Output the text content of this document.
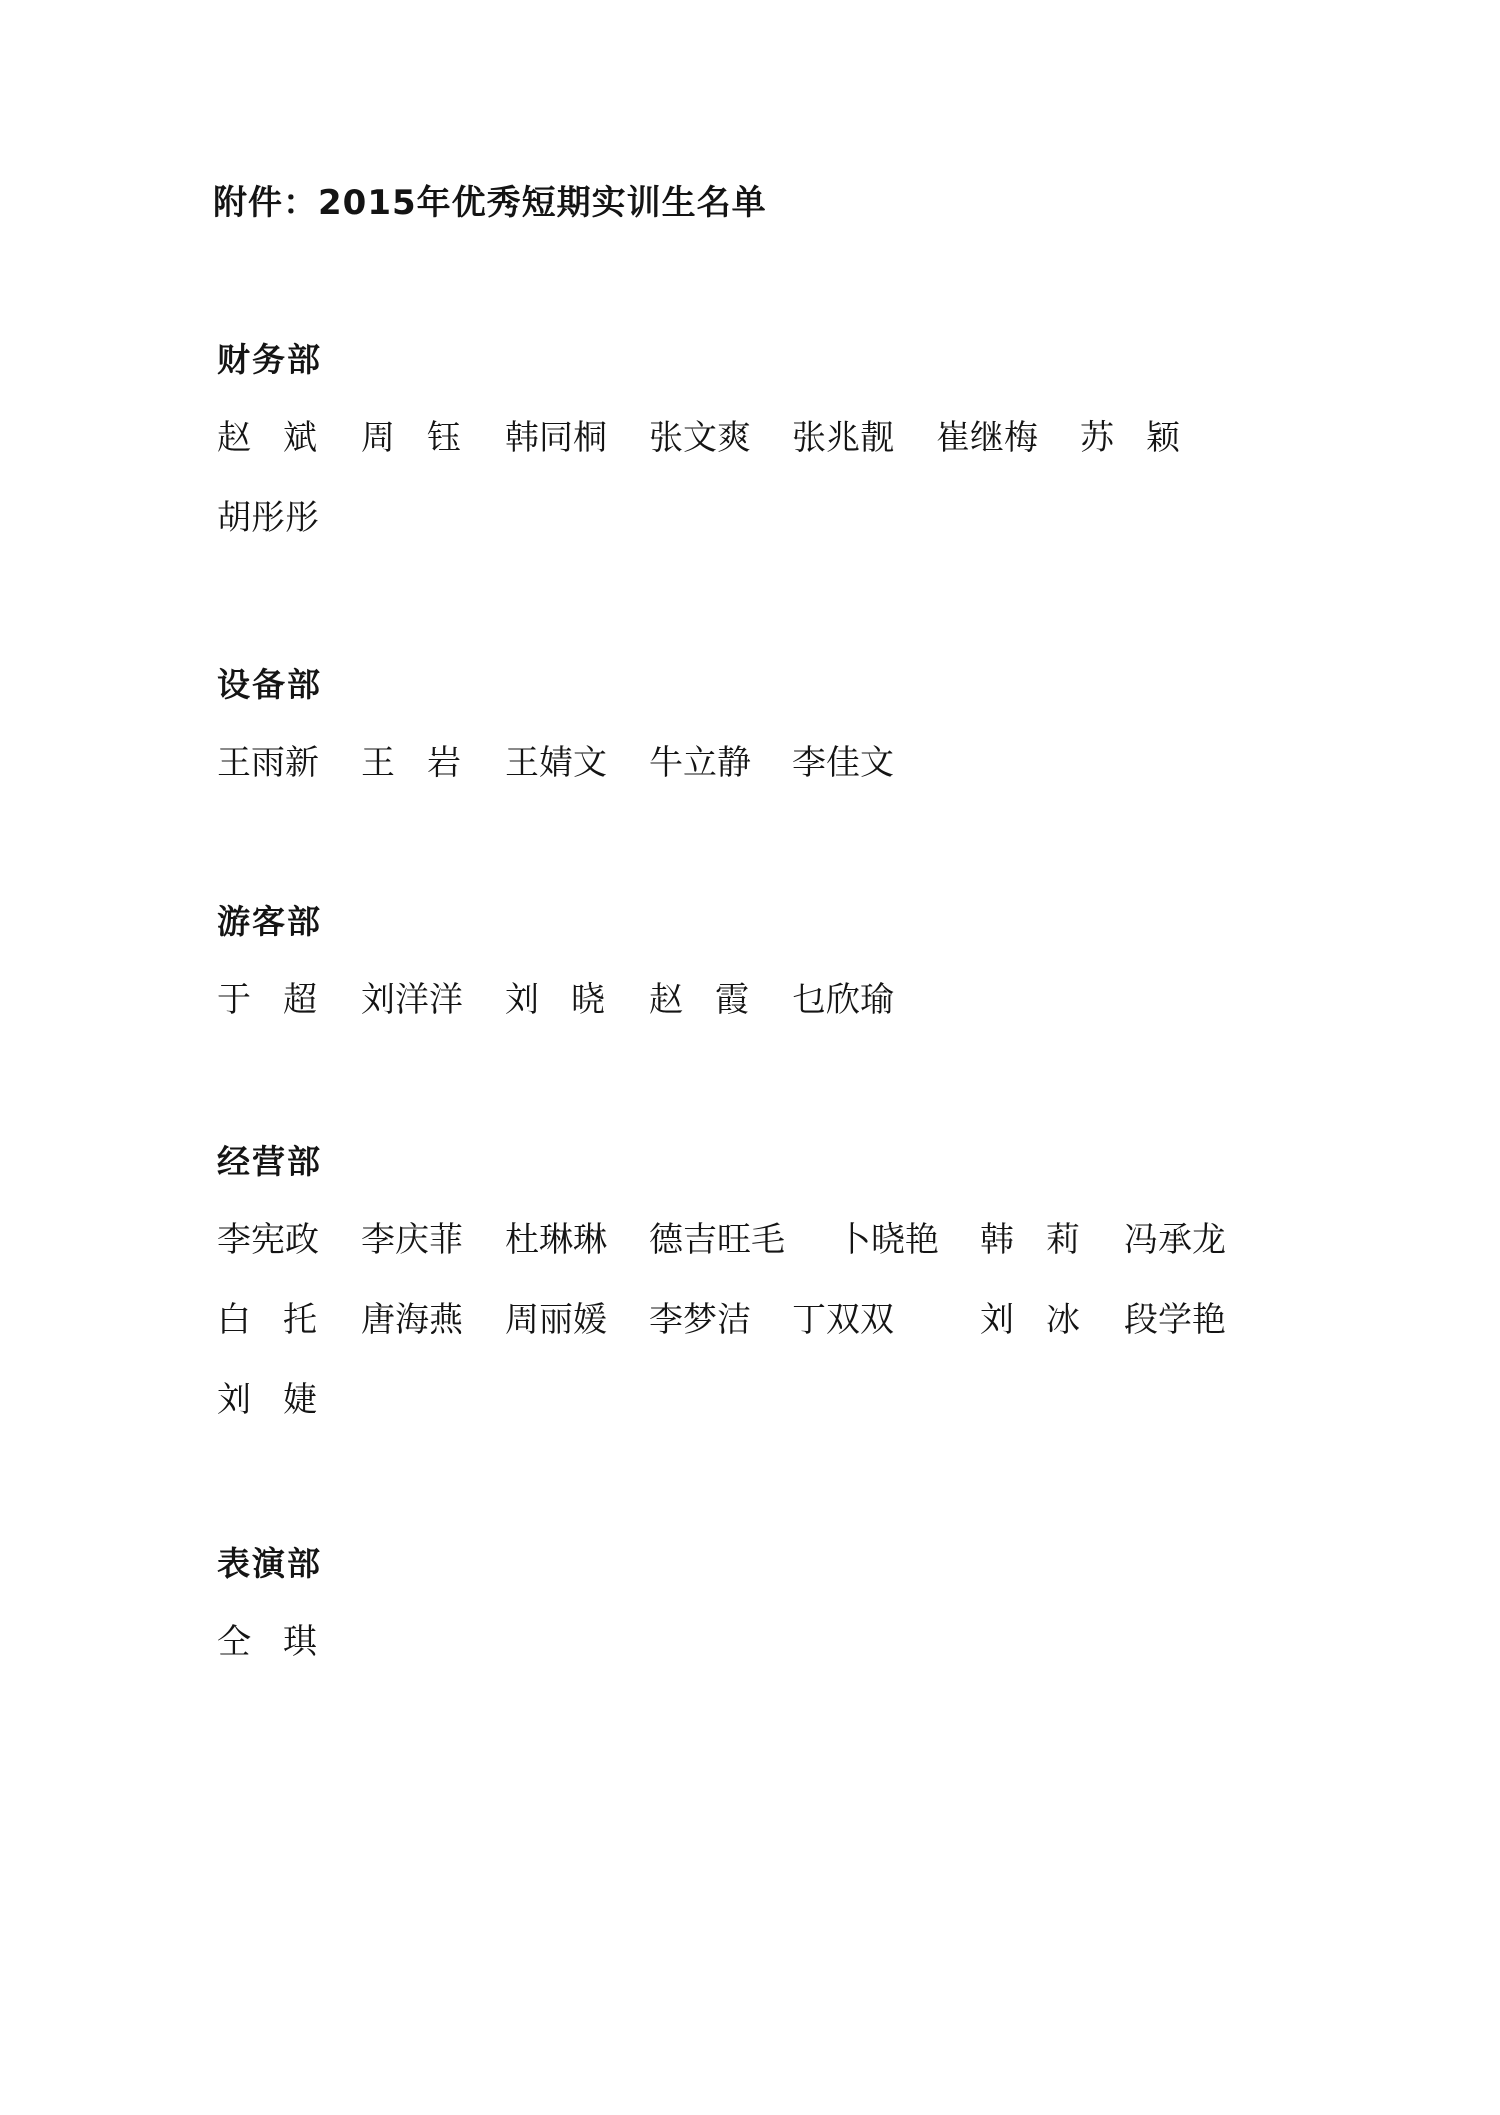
附件：2015年优秀短期实训生名单
财务部
赵 斌 周 钰 韩同桐 张文爽 张兆靓 崔继梅 苏 颖
胡彤彤
设备部
王雨新 王 岩 王婧文 牛立静 李佳文
游客部
于 超 刘洋洋 刘 晓 赵 霞 乜欣瑜
经营部
李宪政 李庆菲 杜琳琳 德吉旺毛 卜晓艳 韩 莉 冯承龙
白 托 唐海燕 周丽媛 李梦洁 丁双双	刘 冰 段学艳
刘 婕
表演部
仝 琪
